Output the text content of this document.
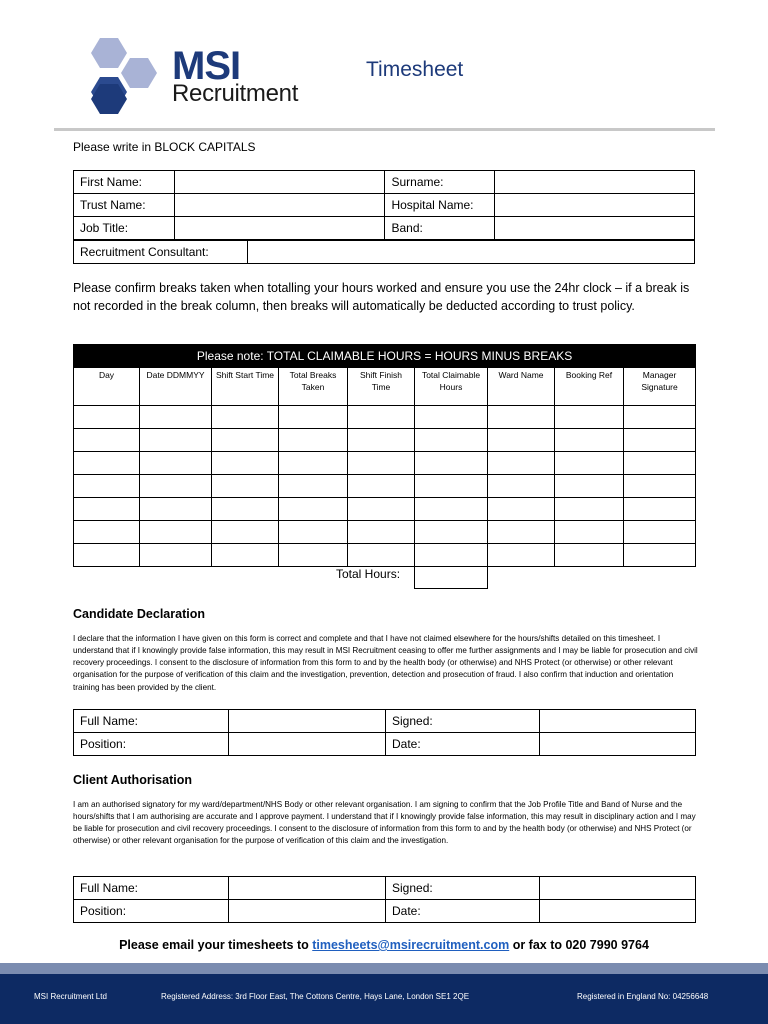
MSI
Recruitment
Timesheet
Please write in BLOCK CAPITALS
First Name:		Surname:	
Trust Name:		Hospital Name:	
Job Title:		Band:	
Recruitment Consultant:	
Please confirm breaks taken when totalling your hours worked and ensure you use the 24hr clock – if a break is not recorded in the break column, then breaks will automatically be deducted according to trust policy.
Please note: TOTAL CLAIMABLE HOURS = HOURS MINUS BREAKS								
Day	Date DDMMYY	Shift Start Time	Total Breaks Taken	Shift Finish Time	Total Claimable Hours	Ward Name	Booking Ref	Manager Signature

Total Hours:
Candidate Declaration
I declare that the information I have given on this form is correct and complete and that I have not claimed elsewhere for the hours/shifts detailed on this timesheet. I understand that if I knowingly provide false information, this may result in MSI Recruitment ceasing to offer me further assignments and I may be liable for prosecution and civil recovery proceedings. I consent to the disclosure of information from this form to and by the health body (or otherwise) and NHS Protect (or otherwise) or other relevant organisation for the purpose of verification of this claim and the investigation, prevention, detection and prosecution of fraud. I also confirm that induction and orientation training has been provided by the client.
Full Name:		Signed:	
Position:		Date:	
Client Authorisation
I am an authorised signatory for my ward/department/NHS Body or other relevant organisation. I am signing to confirm that the Job Profile Title and Band of Nurse and the hours/shifts that I am authorising are accurate and I approve payment. I understand that if I knowingly provide false information, this may result in disciplinary action and I may be liable for prosecution and civil recovery proceedings. I consent to the disclosure of information from this form to and by the health body (or otherwise) and NHS Protect (or otherwise) or other relevant organisation for the purpose of verification of this claim and the investigation.
Full Name:		Signed:	
Position:		Date:	
Please email your timesheets to timesheets@msirecruitment.com or fax to 020 7990 9764
MSI Recruitment Ltd	Registered Address: 3rd Floor East, The Cottons Centre, Hays Lane, London SE1 2QE	Registered in England No: 04256648
